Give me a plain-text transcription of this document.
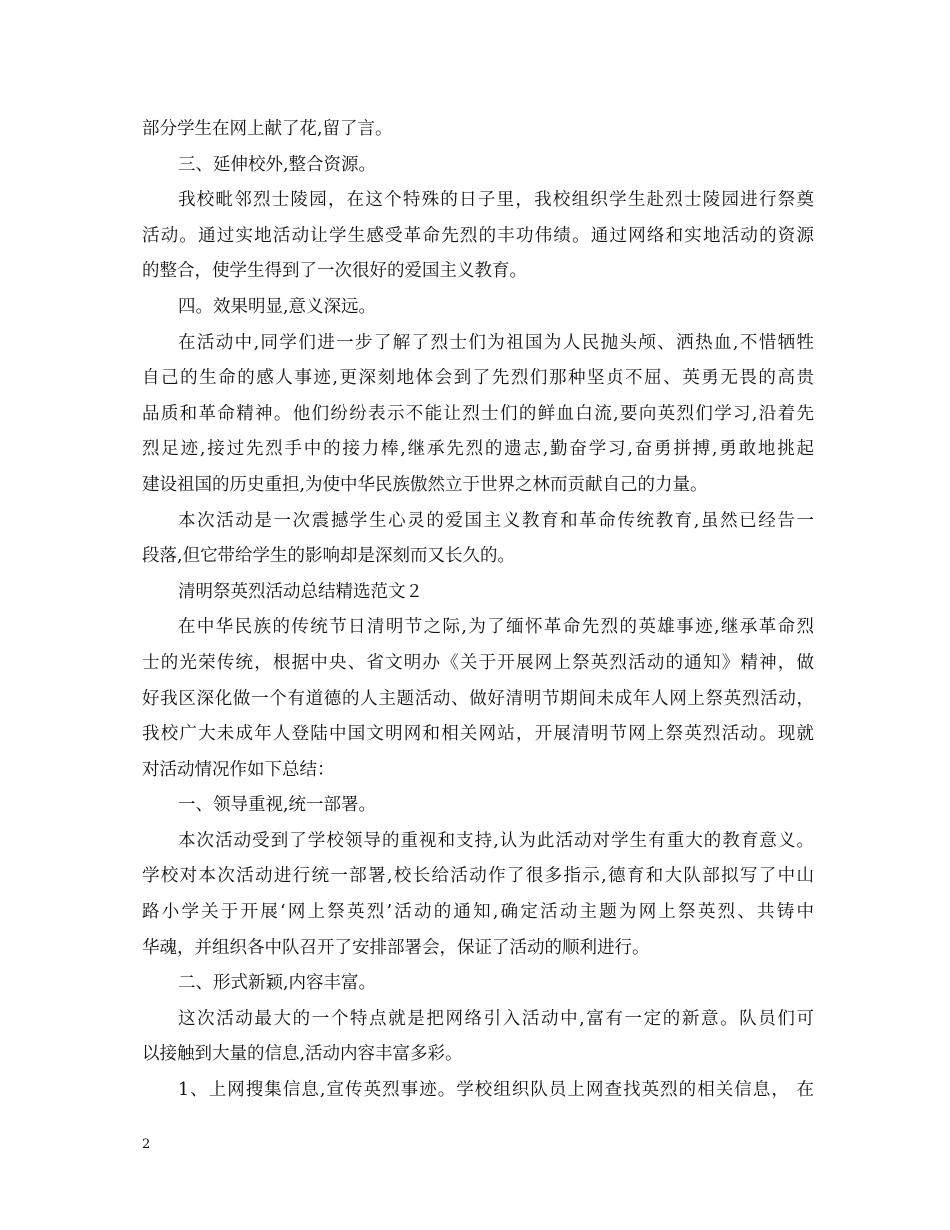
部分学生在网上献了花,留了言。
三、延伸校外,整合资源。
我校毗邻烈士陵园，在这个特殊的日子里，我校组织学生赴烈士陵园进行祭奠
活动。通过实地活动让学生感受革命先烈的丰功伟绩。通过网络和实地活动的资源
的整合，使学生得到了一次很好的爱国主义教育。
四。效果明显,意义深远。
在活动中,同学们进一步了解了烈士们为祖国为人民抛头颅、洒热血,不惜牺牲
自己的生命的感人事迹,更深刻地体会到了先烈们那种坚贞不屈、英勇无畏的高贵
品质和革命精神。他们纷纷表示不能让烈士们的鲜血白流,要向英烈们学习,沿着先
烈足迹,接过先烈手中的接力棒,继承先烈的遗志,勤奋学习,奋勇拼搏,勇敢地挑起
建设祖国的历史重担,为使中华民族傲然立于世界之林而贡献自己的力量。
本次活动是一次震撼学生心灵的爱国主义教育和革命传统教育,虽然已经告一
段落,但它带给学生的影响却是深刻而又长久的。
清明祭英烈活动总结精选范文２
在中华民族的传统节日清明节之际,为了缅怀革命先烈的英雄事迹,继承革命烈
士的光荣传统，根据中央、省文明办《关于开展网上祭英烈活动的通知》精神，做
好我区深化做一个有道德的人主题活动、做好清明节期间未成年人网上祭英烈活动，
我校广大未成年人登陆中国文明网和相关网站，开展清明节网上祭英烈活动。现就
对活动情况作如下总结：
一、领导重视,统一部署。
本次活动受到了学校领导的重视和支持,认为此活动对学生有重大的教育意义。
学校对本次活动进行统一部署,校长给活动作了很多指示,德育和大队部拟写了中山
路小学关于开展‘网上祭英烈’活动的通知,确定活动主题为网上祭英烈、共铸中
华魂，并组织各中队召开了安排部署会，保证了活动的顺利进行。
二、形式新颖,内容丰富。
这次活动最大的一个特点就是把网络引入活动中,富有一定的新意。队员们可
以接触到大量的信息,活动内容丰富多彩。
1、上网搜集信息,宣传英烈事迹。学校组织队员上网查找英烈的相关信息， 在
2
